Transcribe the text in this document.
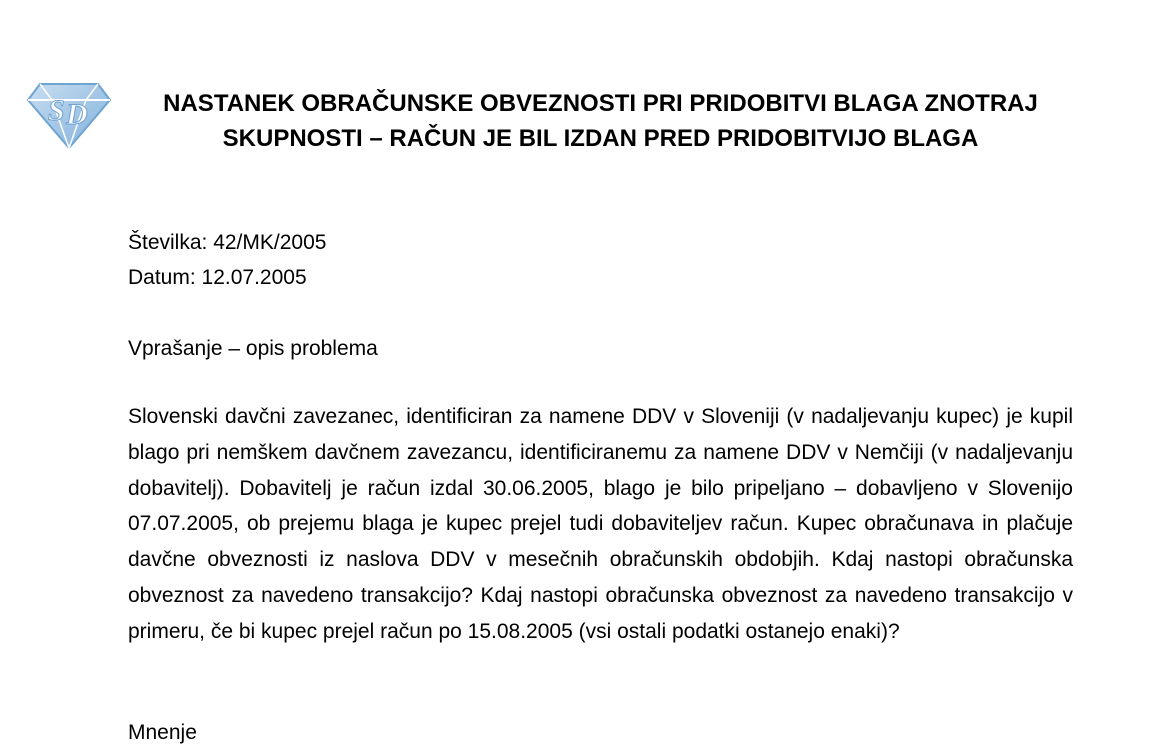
S D	NASTANEK OBRAČUNSKE OBVEZNOSTI PRI PRIDOBITVI BLAGA ZNOTRAJ SKUPNOSTI – RAČUN JE BIL IZDAN PRED PRIDOBITVIJO BLAGA

Številka: 42/MK/2005

Datum: 12.07.2005

Vprašanje – opis problema

Slovenski davčni zavezanec, identificiran za namene DDV v Sloveniji (v nadaljevanju kupec) je kupil blago pri nemškem davčnem zavezancu, identificiranemu za namene DDV v Nemčiji (v nadaljevanju dobavitelj). Dobavitelj je račun izdal 30.06.2005, blago je bilo pripeljano – dobavljeno v Slovenijo 07.07.2005, ob prejemu blaga je kupec prejel tudi dobaviteljev račun. Kupec obračunava in plačuje davčne obveznosti iz naslova DDV v mesečnih obračunskih obdobjih. Kdaj nastopi obračunska obveznost za navedeno transakcijo? Kdaj nastopi obračunska obveznost za navedeno transakcijo v primeru, če bi kupec prejel račun po 15.08.2005 (vsi ostali podatki ostanejo enaki)?

Mnenje
